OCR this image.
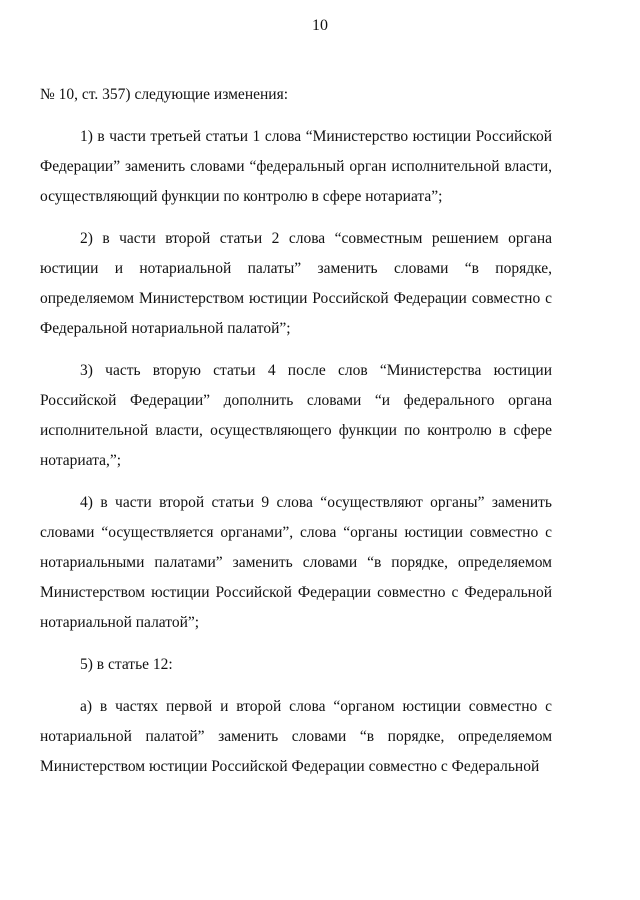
10

№ 10, ст. 357) следующие изменения:

1) в части третьей статьи 1 слова “Министерство юстиции Российской Федерации” заменить словами “федеральный орган исполнительной власти, осуществляющий функции по контролю в сфере нотариата”;

2) в части второй статьи 2 слова “совместным решением органа юстиции и нотариальной палаты” заменить словами “в порядке, определяемом Министерством юстиции Российской Федерации совместно с Федеральной нотариальной палатой”;

3) часть вторую статьи 4 после слов “Министерства юстиции Российской Федерации” дополнить словами “и федерального органа исполнительной власти, осуществляющего функции по контролю в сфере нотариата,”;

4) в части второй статьи 9 слова “осуществляют органы” заменить словами “осуществляется органами”, слова “органы юстиции совместно с нотариальными палатами” заменить словами “в порядке, определяемом Министерством юстиции Российской Федерации совместно с Федеральной нотариальной палатой”;

5) в статье 12:

а) в частях первой и второй слова “органом юстиции совместно с нотариальной палатой” заменить словами “в порядке, определяемом Министерством юстиции Российской Федерации совместно с Федеральной
